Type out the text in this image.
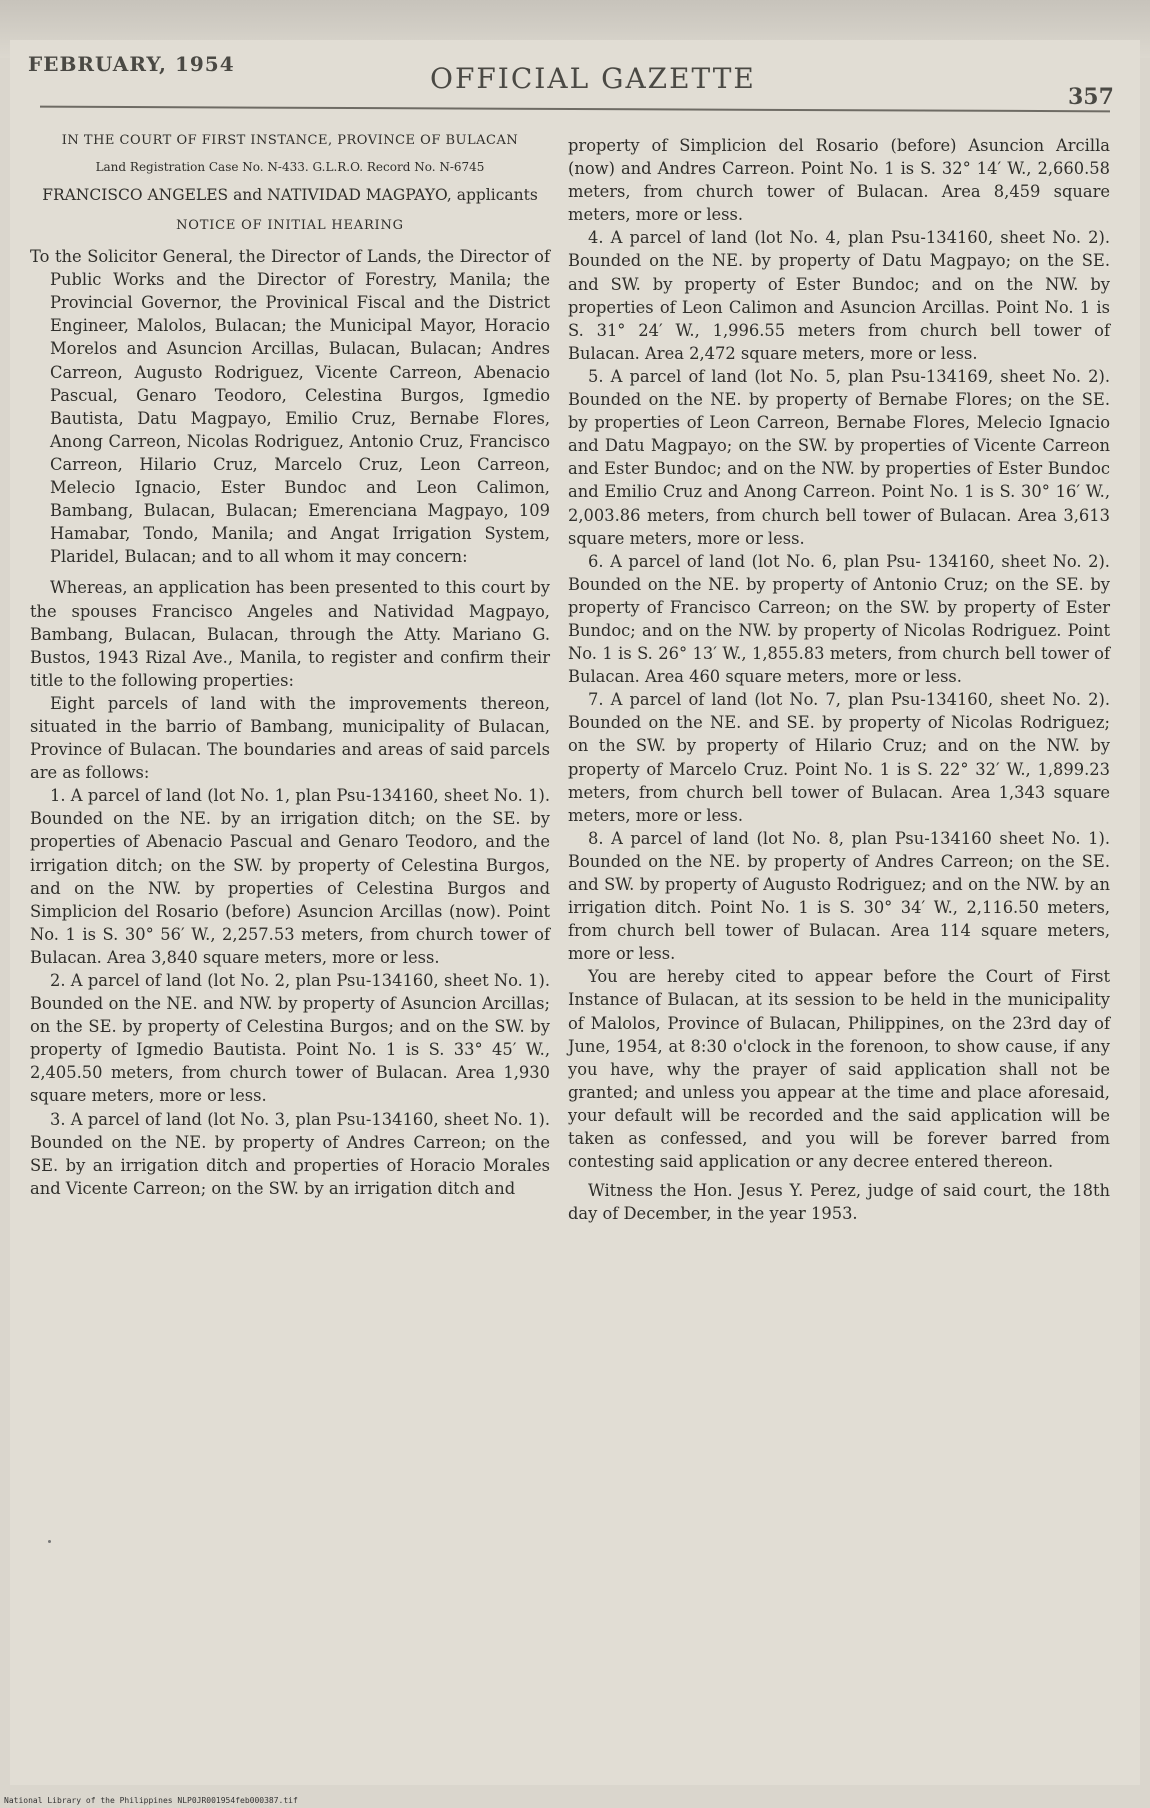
FEBRUARY, 1954	OFFICIAL GAZETTE
357
IN THE COURT OF FIRST INSTANCE, PROVINCE OF BULACAN
Land Registration Case No. N-433. G.L.R.O. Record No. N-6745
FRANCISCO ANGELES and NATIVIDAD MAGPAYO, applicants
NOTICE OF INITIAL HEARING
To the Solicitor General, the Director of Lands, the Director of Public Works and the Director of Forestry, Manila; the Provincial Governor, the Provinical Fiscal and the District Engineer, Malolos, Bulacan; the Municipal Mayor, Horacio Morelos and Asuncion Arcillas, Bulacan, Bulacan; Andres Carreon, Augusto Rodriguez, Vicente Carreon, Abenacio Pascual, Genaro Teodoro, Celestina Burgos, Igmedio Bautista, Datu Magpayo, Emilio Cruz, Bernabe Flores, Anong Carreon, Nicolas Rodriguez, Antonio Cruz, Francisco Carreon, Hilario Cruz, Marcelo Cruz, Leon Carreon, Melecio Ignacio, Ester Bundoc and Leon Calimon, Bambang, Bulacan, Bulacan; Emerenciana Magpayo, 109 Hamabar, Tondo, Manila; and Angat Irrigation System, Plaridel, Bulacan; and to all whom it may concern:

Whereas, an application has been presented to this court by the spouses Francisco Angeles and Natividad Magpayo, Bambang, Bulacan, Bulacan, through the Atty. Mariano G. Bustos, 1943 Rizal Ave., Manila, to register and confirm their title to the following properties:

Eight parcels of land with the improvements thereon, situated in the barrio of Bambang, municipality of Bulacan, Province of Bulacan. The boundaries and areas of said parcels are as follows:

1. A parcel of land (lot No. 1, plan Psu-134160, sheet No. 1). Bounded on the NE. by an irrigation ditch; on the SE. by properties of Abenacio Pascual and Genaro Teodoro, and the irrigation ditch; on the SW. by property of Celestina Burgos, and on the NW. by properties of Celestina Burgos and Simplicion del Rosario (before) Asuncion Arcillas (now). Point No. 1 is S. 30° 56′ W., 2,257.53 meters, from church tower of Bulacan. Area 3,840 square meters, more or less.

2. A parcel of land (lot No. 2, plan Psu-134160, sheet No. 1). Bounded on the NE. and NW. by property of Asuncion Arcillas; on the SE. by property of Celestina Burgos; and on the SW. by property of Igmedio Bautista. Point No. 1 is S. 33° 45′ W., 2,405.50 meters, from church tower of Bulacan. Area 1,930 square meters, more or less.

3. A parcel of land (lot No. 3, plan Psu-134160, sheet No. 1). Bounded on the NE. by property of Andres Carreon; on the SE. by an irrigation ditch and properties of Horacio Morales and Vicente Carreon; on the SW. by an irrigation ditch and

property of Simplicion del Rosario (before) Asuncion Arcilla (now) and Andres Carreon. Point No. 1 is S. 32° 14′ W., 2,660.58 meters, from church tower of Bulacan. Area 8,459 square meters, more or less.

4. A parcel of land (lot No. 4, plan Psu-134160, sheet No. 2). Bounded on the NE. by property of Datu Magpayo; on the SE. and SW. by property of Ester Bundoc; and on the NW. by properties of Leon Calimon and Asuncion Arcillas. Point No. 1 is S. 31° 24′ W., 1,996.55 meters from church bell tower of Bulacan. Area 2,472 square meters, more or less.

5. A parcel of land (lot No. 5, plan Psu-134169, sheet No. 2). Bounded on the NE. by property of Bernabe Flores; on the SE. by properties of Leon Carreon, Bernabe Flores, Melecio Ignacio and Datu Magpayo; on the SW. by properties of Vicente Carreon and Ester Bundoc; and on the NW. by properties of Ester Bundoc and Emilio Cruz and Anong Carreon. Point No. 1 is S. 30° 16′ W., 2,003.86 meters, from church bell tower of Bulacan. Area 3,613 square meters, more or less.

6. A parcel of land (lot No. 6, plan Psu- 134160, sheet No. 2). Bounded on the NE. by property of Antonio Cruz; on the SE. by property of Francisco Carreon; on the SW. by property of Ester Bundoc; and on the NW. by property of Nicolas Rodriguez. Point No. 1 is S. 26° 13′ W., 1,855.83 meters, from church bell tower of Bulacan. Area 460 square meters, more or less.

7. A parcel of land (lot No. 7, plan Psu-134160, sheet No. 2). Bounded on the NE. and SE. by property of Nicolas Rodriguez; on the SW. by property of Hilario Cruz; and on the NW. by property of Marcelo Cruz. Point No. 1 is S. 22° 32′ W., 1,899.23 meters, from church bell tower of Bulacan. Area 1,343 square meters, more or less.

8. A parcel of land (lot No. 8, plan Psu-134160 sheet No. 1). Bounded on the NE. by property of Andres Carreon; on the SE. and SW. by property of Augusto Rodriguez; and on the NW. by an irrigation ditch. Point No. 1 is S. 30° 34′ W., 2,116.50 meters, from church bell tower of Bulacan. Area 114 square meters, more or less.

You are hereby cited to appear before the Court of First Instance of Bulacan, at its session to be held in the municipality of Malolos, Province of Bulacan, Philippines, on the 23rd day of June, 1954, at 8:30 o'clock in the forenoon, to show cause, if any you have, why the prayer of said application shall not be granted; and unless you appear at the time and place aforesaid, your default will be recorded and the said application will be taken as confessed, and you will be forever barred from contesting said application or any decree entered thereon.

Witness the Hon. Jesus Y. Perez, judge of said court, the 18th day of December, in the year 1953.

National Library of the Philippines NLP0JR001954feb000387.tif
